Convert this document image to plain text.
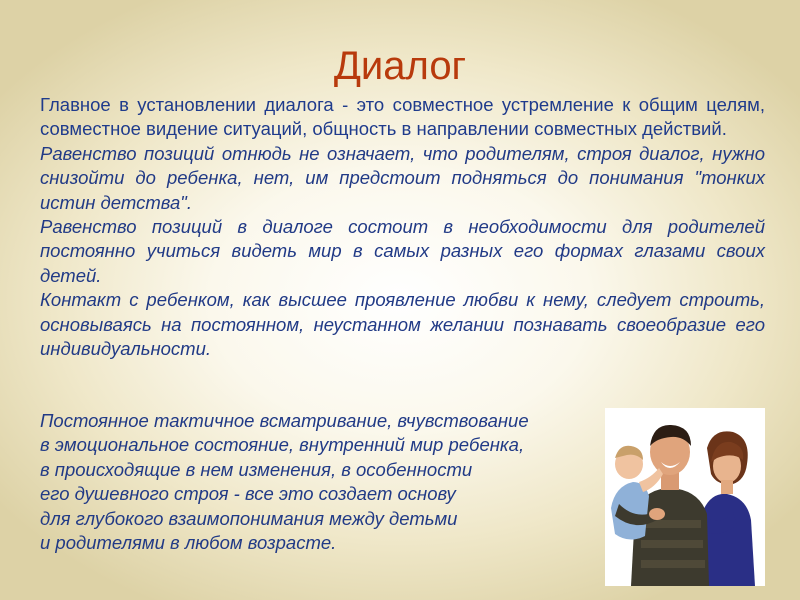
Диалог
Главное в установлении диалога - это совместное устремление к общим целям, совместное видение ситуаций, общность в направлении совместных действий.
Равенство позиций отнюдь не означает, что родителям, строя диалог, нужно снизойти до ребенка, нет, им предстоит подняться до понимания "тонких истин детства".
Равенство позиций в диалоге состоит в необходимости для родителей постоянно учиться видеть мир в самых разных его формах глазами своих детей.
Контакт с ребенком, как высшее проявление любви к нему, следует строить, основываясь на постоянном, неустанном желании познавать своеобразие его индивидуальности.
Постоянное тактичное всматривание, вчувствование
в эмоциональное состояние, внутренний мир ребенка,
в происходящие в нем изменения, в особенности
его душевного строя - все это создает основу
для глубокого взаимопонимания между детьми
и родителями в любом возрасте.
